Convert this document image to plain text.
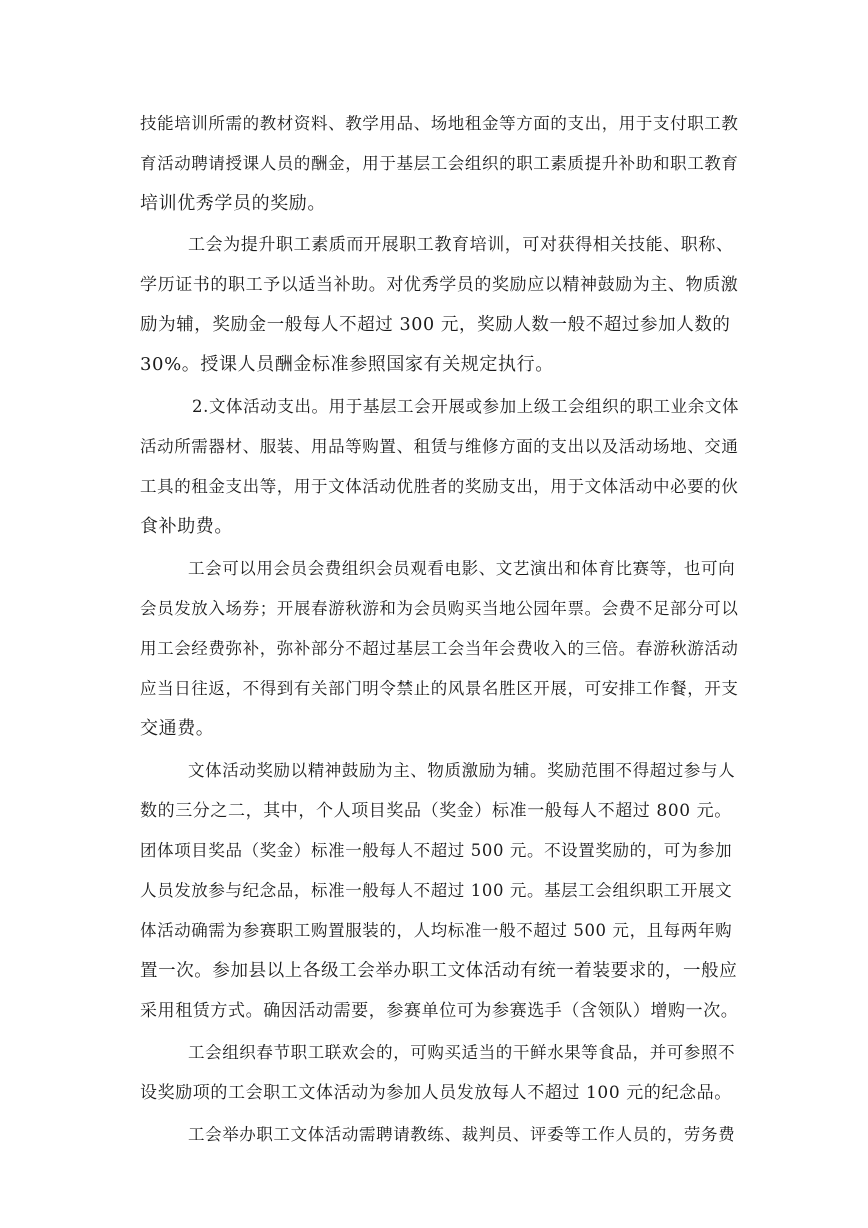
技能培训所需的教材资料、教学用品、场地租金等方面的支出，用于支付职工教
育活动聘请授课人员的酬金，用于基层工会组织的职工素质提升补助和职工教育
培训优秀学员的奖励。
工会为提升职工素质而开展职工教育培训，可对获得相关技能、职称、
学历证书的职工予以适当补助。对优秀学员的奖励应以精神鼓励为主、物质激
励为辅，奖励金一般每人不超过 300 元，奖励人数一般不超过参加人数的
30%。授课人员酬金标准参照国家有关规定执行。
2.文体活动支出。用于基层工会开展或参加上级工会组织的职工业余文体
活动所需器材、服装、用品等购置、租赁与维修方面的支出以及活动场地、交通
工具的租金支出等，用于文体活动优胜者的奖励支出，用于文体活动中必要的伙
食补助费。
工会可以用会员会费组织会员观看电影、文艺演出和体育比赛等，也可向
会员发放入场券；开展春游秋游和为会员购买当地公园年票。会费不足部分可以
用工会经费弥补，弥补部分不超过基层工会当年会费收入的三倍。春游秋游活动
应当日往返，不得到有关部门明令禁止的风景名胜区开展，可安排工作餐，开支
交通费。
文体活动奖励以精神鼓励为主、物质激励为辅。奖励范围不得超过参与人
数的三分之二，其中，个人项目奖品（奖金）标准一般每人不超过 800 元。
团体项目奖品（奖金）标准一般每人不超过 500 元。不设置奖励的，可为参加
人员发放参与纪念品，标准一般每人不超过 100 元。基层工会组织职工开展文
体活动确需为参赛职工购置服装的，人均标准一般不超过 500 元，且每两年购
置一次。参加县以上各级工会举办职工文体活动有统一着装要求的，一般应
采用租赁方式。确因活动需要，参赛单位可为参赛选手（含领队）增购一次。
工会组织春节职工联欢会的，可购买适当的干鲜水果等食品，并可参照不
设奖励项的工会职工文体活动为参加人员发放每人不超过 100 元的纪念品。
工会举办职工文体活动需聘请教练、裁判员、评委等工作人员的，劳务费
